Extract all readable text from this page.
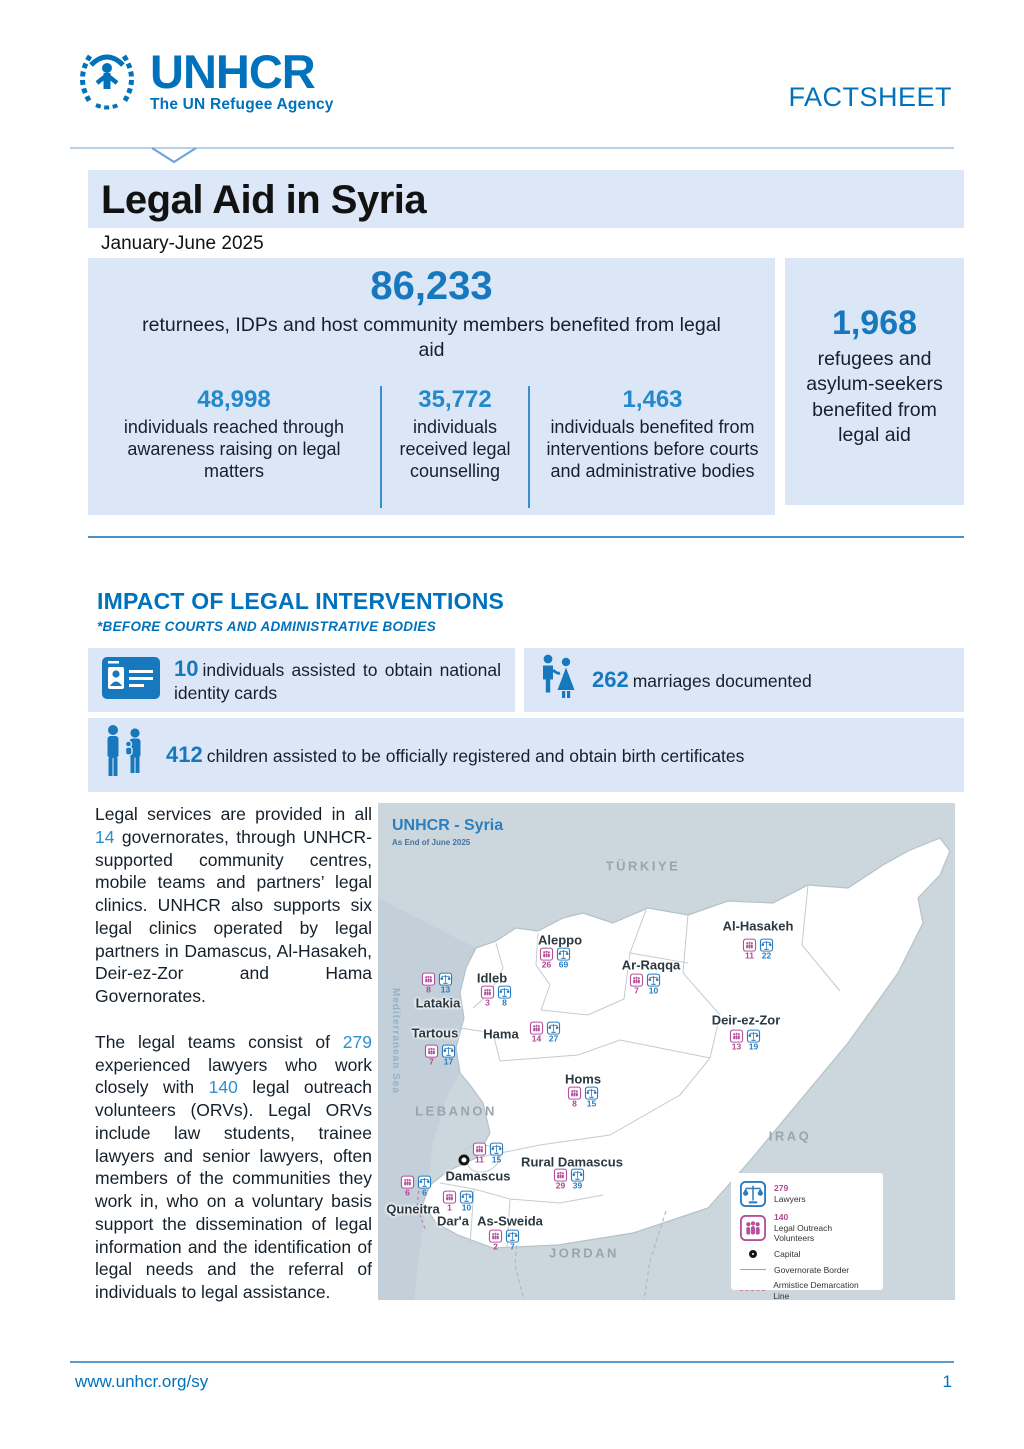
UNHCR
The UN Refugee Agency	FACTSHEET
Legal Aid in Syria
January-June 2025
86,233
returnees, IDPs and host community members benefited from legal aid
48,998
individuals reached through awareness raising on legal matters
35,772
individuals received legal counselling
1,463
individuals benefited from interventions before courts and administrative bodies
1,968
refugees and asylum-seekers benefited from legal aid
IMPACT OF LEGAL INTERVENTIONS
*BEFORE COURTS AND ADMINISTRATIVE BODIES
10 individuals assisted to obtain national identity cards
262 marriages documented
412 children assisted to be officially registered and obtain birth certificates

Legal services are provided in all 14 governorates, through UNHCR-supported community centres, mobile teams and partners’ legal clinics. UNHCR also supports six legal clinics operated by legal partners in Damascus, Al-Hasakeh, Deir-ez-Zor and Hama Governorates.

The legal teams consist of 279 experienced lawyers who work closely with 140 legal outreach volunteers (ORVs). Legal ORVs include law students, trainee lawyers and senior lawyers, often members of the communities they work in, who on a voluntary basis support the dissemination of legal information and the identification of legal needs and the referral of individuals to legal assistance.

UNHCR - Syria
As End of June 2025
Mediterranean Sea
TÜRKIYE
LEBANON
IRAQ
JORDAN
Aleppo
26 69
Idleb
3 8
Latakia
8 13
Tartous
7 17
Hama 14 27
Ar-Raqqa
7 10
Al-Hasakeh
11 22
Deir-ez-Zor
13 19
Homs
8 15
Damascus
11 15 Rural Damascus
29 39
Quneitra
6 6
Dar'a
1 10
As-Sweida
2 7
279
Lawyers
140
Legal Outreach Volunteers
Capital
Governorate Border
Armistice Demarcation Line
www.unhcr.org/sy	1
